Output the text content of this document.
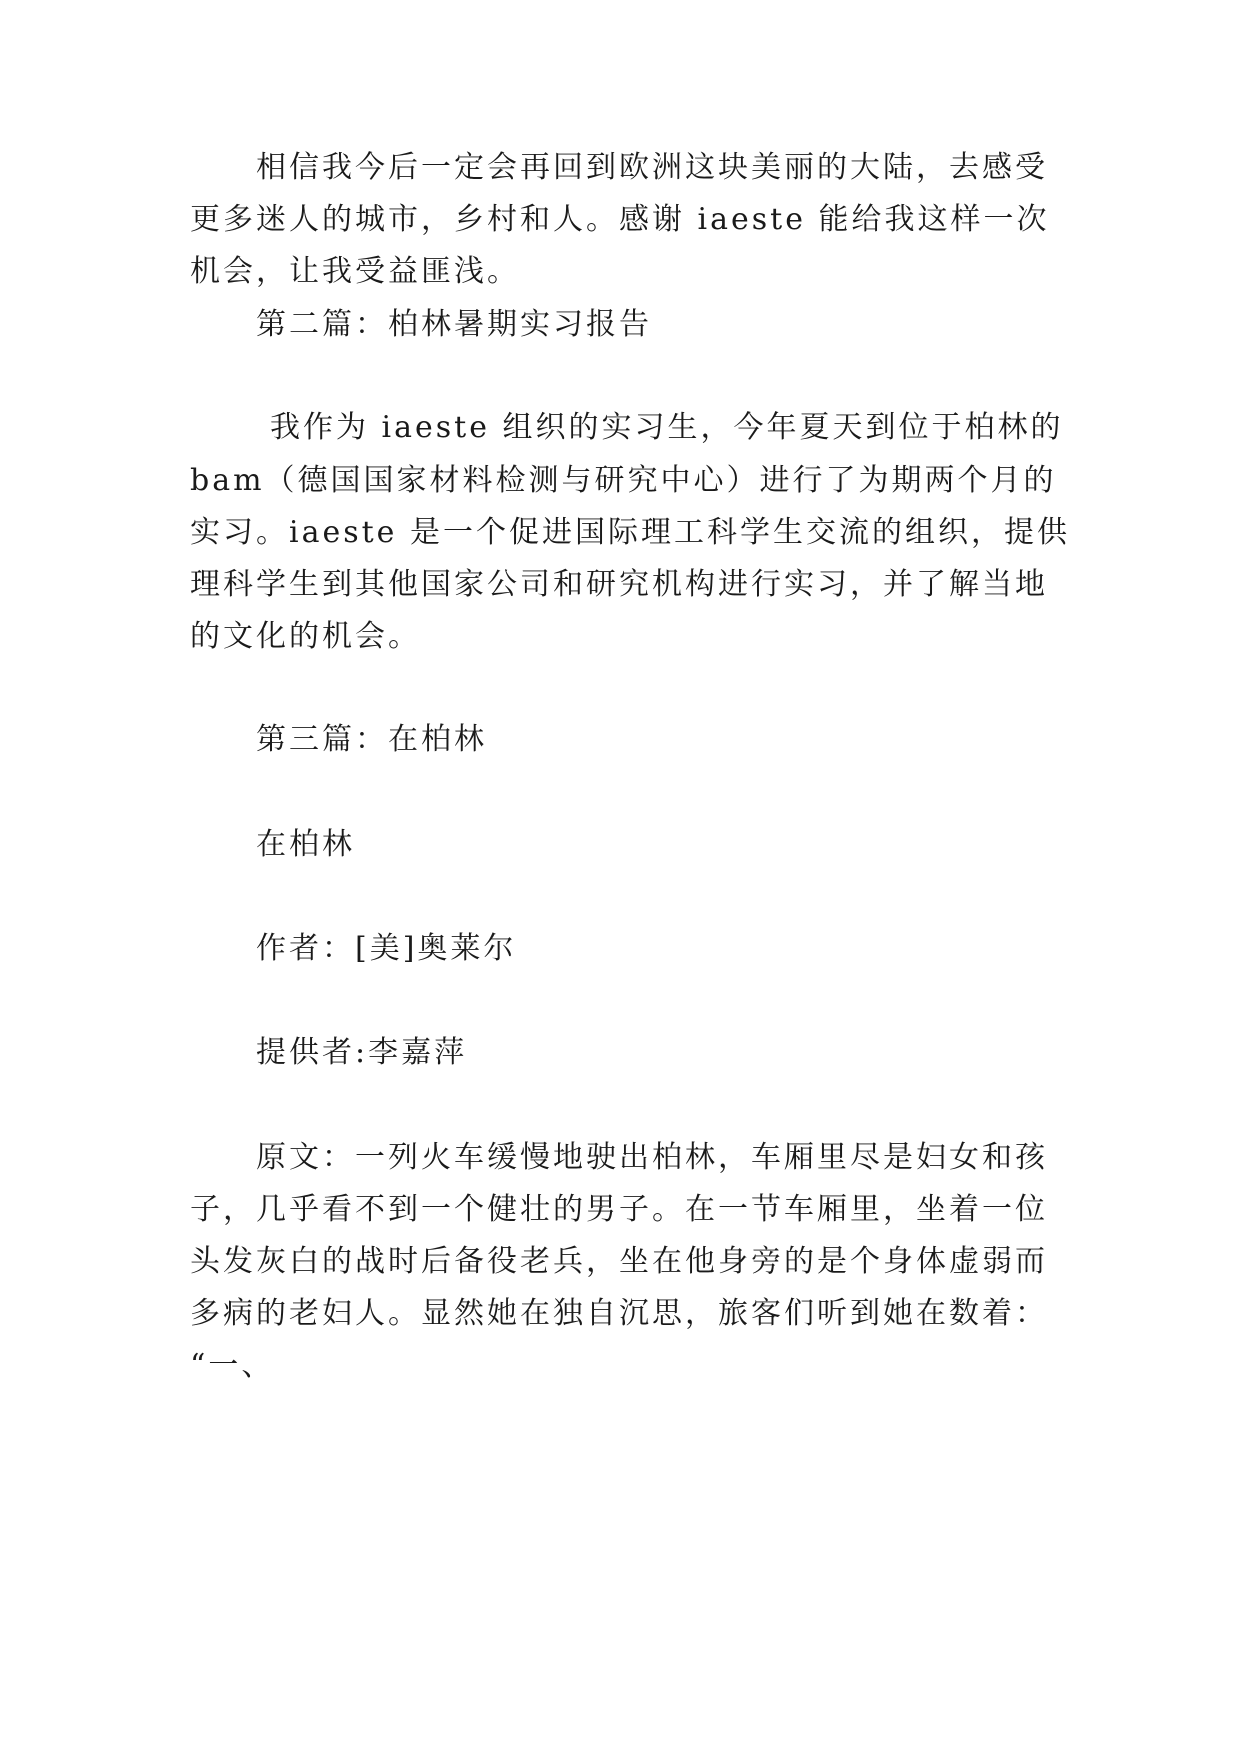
相信我今后一定会再回到欧洲这块美丽的大陆，去感受
更多迷人的城市，乡村和人。感谢 iaeste 能给我这样一次
机会，让我受益匪浅。
第二篇：柏林暑期实习报告
我作为 iaeste 组织的实习生，今年夏天到位于柏林的
bam（德国国家材料检测与研究中心）进行了为期两个月的
实习。iaeste 是一个促进国际理工科学生交流的组织，提供
理科学生到其他国家公司和研究机构进行实习，并了解当地
的文化的机会。
第三篇：在柏林
在柏林
作者：[美]奥莱尔
提供者:李嘉萍
原文：一列火车缓慢地驶出柏林，车厢里尽是妇女和孩
子，几乎看不到一个健壮的男子。在一节车厢里，坐着一位
头发灰白的战时后备役老兵，坐在他身旁的是个身体虚弱而
多病的老妇人。显然她在独自沉思，旅客们听到她在数着：
“一、
